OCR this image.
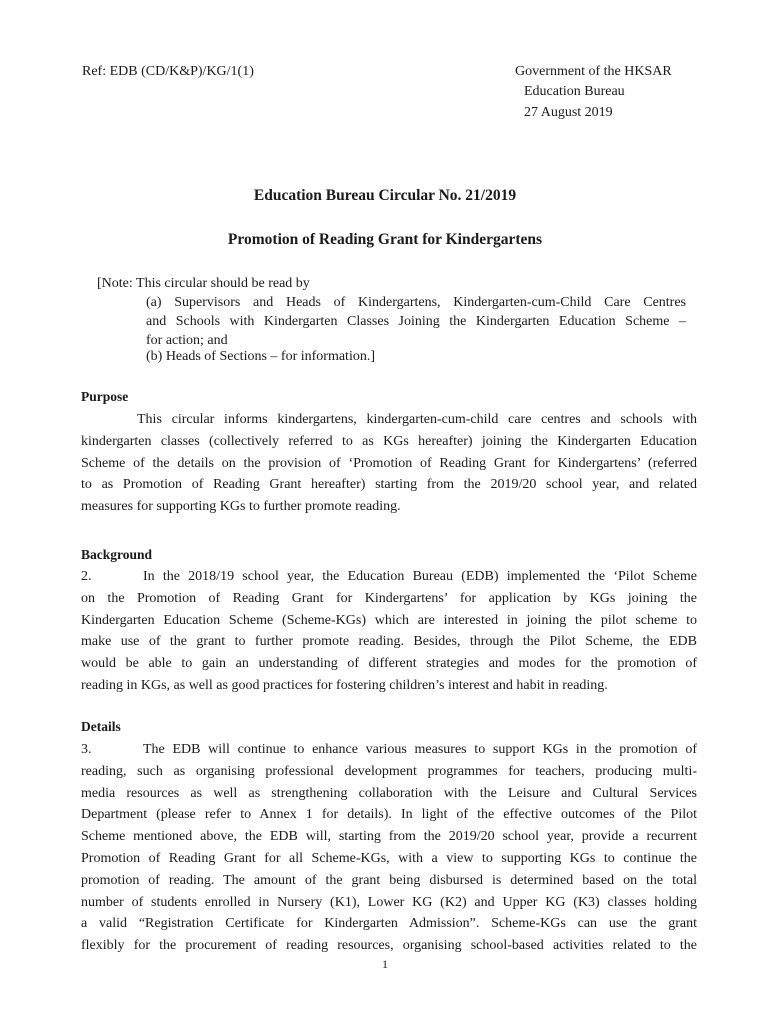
Ref: EDB (CD/K&P)/KG/1(1)	Government of the HKSAR
Education Bureau
27 August 2019
Education Bureau Circular No. 21/2019
Promotion of Reading Grant for Kindergartens
[Note: This circular should be read by
(a) Supervisors and Heads of Kindergartens, Kindergarten-cum-Child Care Centres
and Schools with Kindergarten Classes Joining the Kindergarten Education Scheme –
for action; and
(b) Heads of Sections – for information.]
Purpose
This circular informs kindergartens, kindergarten-cum-child care centres and schools with
kindergarten classes (collectively referred to as KGs hereafter) joining the Kindergarten Education
Scheme of the details on the provision of ‘Promotion of Reading Grant for Kindergartens’ (referred
to as Promotion of Reading Grant hereafter) starting from the 2019/20 school year, and related
measures for supporting KGs to further promote reading.
Background
2.	In the 2018/19 school year, the Education Bureau (EDB) implemented the ‘Pilot Scheme
on the Promotion of Reading Grant for Kindergartens’ for application by KGs joining the
Kindergarten Education Scheme (Scheme-KGs) which are interested in joining the pilot scheme to
make use of the grant to further promote reading. Besides, through the Pilot Scheme, the EDB
would be able to gain an understanding of different strategies and modes for the promotion of
reading in KGs, as well as good practices for fostering children’s interest and habit in reading.
Details
3.	The EDB will continue to enhance various measures to support KGs in the promotion of
reading, such as organising professional development programmes for teachers, producing multi-
media resources as well as strengthening collaboration with the Leisure and Cultural Services
Department (please refer to Annex 1 for details). In light of the effective outcomes of the Pilot
Scheme mentioned above, the EDB will, starting from the 2019/20 school year, provide a recurrent
Promotion of Reading Grant for all Scheme-KGs, with a view to supporting KGs to continue the
promotion of reading. The amount of the grant being disbursed is determined based on the total
number of students enrolled in Nursery (K1), Lower KG (K2) and Upper KG (K3) classes holding
a valid “Registration Certificate for Kindergarten Admission”. Scheme-KGs can use the grant
flexibly for the procurement of reading resources, organising school-based activities related to the
1
